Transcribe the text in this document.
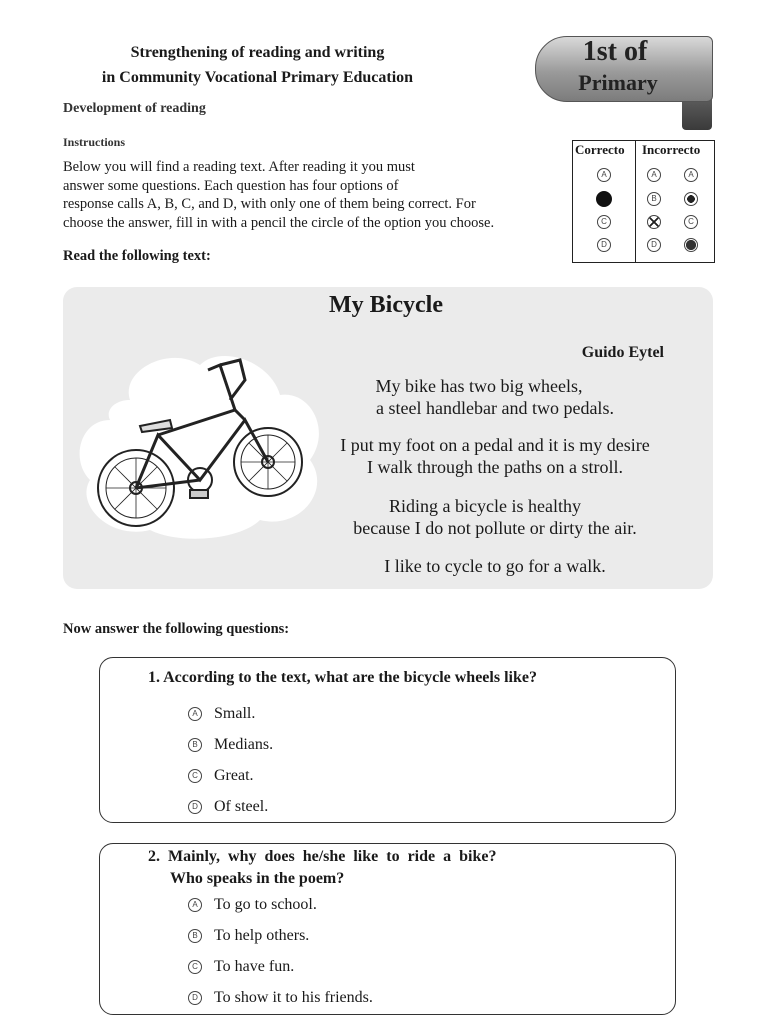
Strengthening of reading and writing
in Community Vocational Primary Education
Development of reading
Instructions
Below you will find a reading text. After reading it you must
answer some questions. Each question has four options of
response calls A, B, C, and D, with only one of them being correct. For
choose the answer, fill in with a pencil the circle of the option you choose.
Read the following text:
1st of
Primary
Correcto Incorrecto
A
C
D
A
B
D
A
C
My Bicycle
Guido Eytel
My bike has two big wheels,
a steel handlebar and two pedals.
I put my foot on a pedal and it is my desire
I walk through the paths on a stroll.
Riding a bicycle is healthy
because I do not pollute or dirty the air.
I like to cycle to go for a walk.
Now answer the following questions:
1. According to the text, what are the bicycle wheels like?
A Small.
B Medians.
C Great.
D Of steel.
2.  Mainly,  why  does  he/she  like  to  ride  a  bike?
Who speaks in the poem?
A To go to school.
B To help others.
C To have fun.
D To show it to his friends.
